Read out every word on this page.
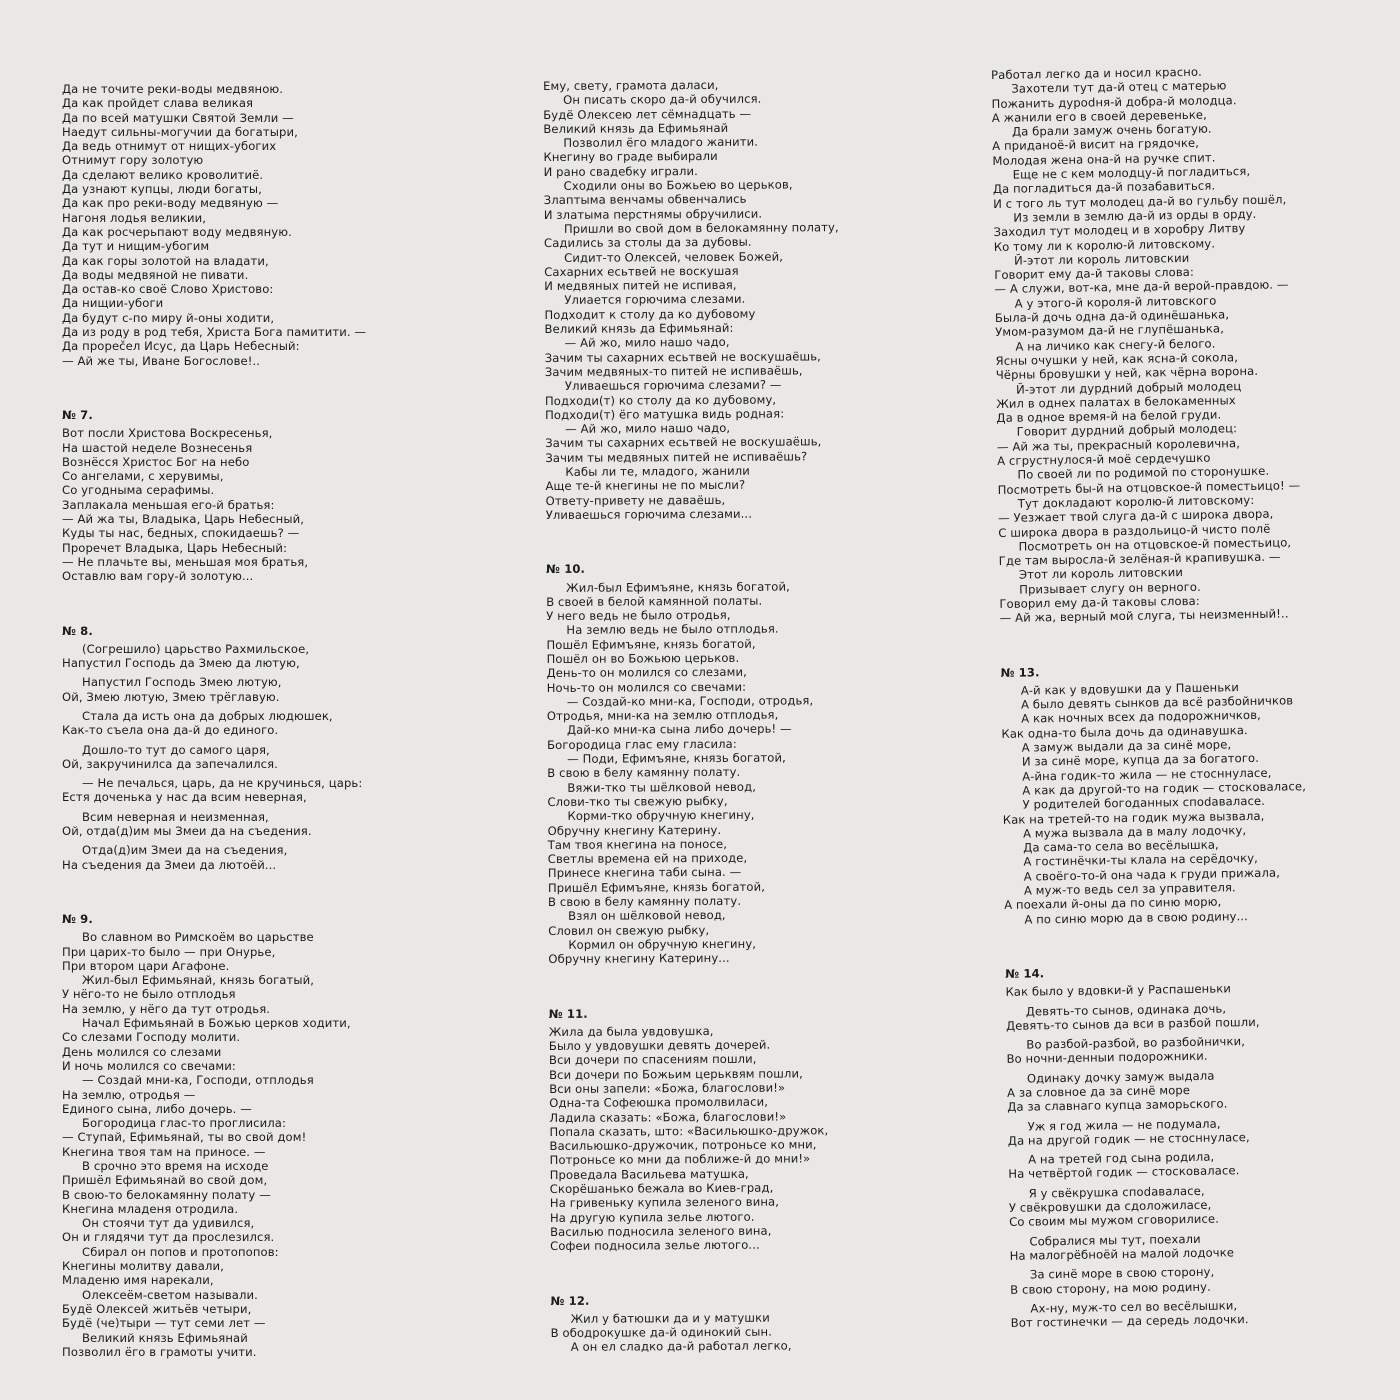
Да не точите реки-воды медвяною.
Да как пройдет слава великая
Да по всей матушки Святой Земли —
Наедут сильны-могучии да богатыри,
Да ведь отнимут от нищих-убогих
Отнимут гору золотую
Да сделают велико кроволитиё.
Да узнают купцы, люди богаты,
Да как про реки-воду медвяную —
Нагоня лодья великии,
Да как росчерьпают воду медвяную.
Да тут и нищим-убогим
Да как горы золотой на владати,
Да воды медвяной не пивати.
Да остав-ко своё Слово Христово:
Да нищии-убоги
Да будут с-по миру й-оны ходити,
Да из роду в род тебя, Христа Бога памитити. —
Да прореčел Исус, да Царь Небесный:
— Ай же ты, Иване Богослове!..
№ 7.
Вот посли Христова Воскресенья,
На шастой неделе Вознесенья
Вознёсся Христос Бог на небо
Со ангелами, с херувимы,
Со угодныма серафимы.
Заплакала меньшая его-й братья:
— Ай жа ты, Владыка, Царь Небесный,
Куды ты нас, бедных, спокидаешь? —
Проречет Владыка, Царь Небесный:
— Не плачьте вы, меньшая моя братья,
Оставлю вам гору-й золотую...
№ 8.
(Согрешило) царьство Рахмильское,
Напустил Господь да Змею да лютую,
Напустил Господь Змею лютую,
Ой, Змею лютую, Змею трёглавую.
Стала да исть она да добрых людюшек,
Как-то съела она да-й до единого.
Дошло-то тут до самого царя,
Ой, закручинилса да запечалился.
— Не печалься, царь, да не кручинься, царь:
Естя доченька у нас да всим неверная,
Всим неверная и неизменная,
Ой, отда(д)им мы Змеи да на съедения.
Отда(д)им Змеи да на съедения,
На съедения да Змеи да лютоёй...
№ 9.
Во славном во Римскоём во царьстве
При царих-то было — при Онурье,
При втором цари Агафоне.
Жил-был Ефимьянай, князь богатый,
У нёго-то не было отплодья
На землю, у нёго да тут отродья.
Начал Ефимьянай в Божью церков ходити,
Со слезами Господу молити.
День молился со слезами
И ночь молился со свечами:
— Создай мни-ка, Господи, отплодья
На землю, отродья —
Единого сына, либо дочерь. —
Богородица глас-то проглисила:
— Ступай, Ефимьянай, ты во свой дом!
Кнегина твоя там на приносе. —
В срочно это время на исходе
Пришёл Ефимьянай во свой дом,
В свою-то белокамянну полату —
Кнегина младеня отродила.
Он стоячи тут да удивился,
Он и глядячи тут да прослезился.
Сбирал он попов и протопопов:
Кнегины молитву давали,
Младеню имя нарекали,
Олексеём-светом называли.
Будё Олексей житьёв четыри,
Будё (че)тыри — тут семи лет —
Великий князь Ефимьянай
Позволил ёго в грамоты учити.
Ему, свету, грамота даласи,
Он писать скоро да-й обучился.
Будё Олексею лет сёмнадцать —
Великий князь да Ефимьянай
Позволил ёго младого жанити.
Кнегину во граде выбирали
И рано свадебку играли.
Сходили оны во Божьею во церьков,
Злаптыма венчамы обвенчались
И златыма перстнямы обручилиси.
Пришли во свой дом в белокамянну полату,
Садились за столы да за дубовы.
Сидит-то Олексей, человек Божей,
Сахарних есьтвей не воскушая
И медвяных питей не испивая,
Улиается горючима слезами.
Подходит к столу да ко дубовому
Великий князь да Ефимьянай:
— Ай жо, мило нашо чадо,
Зачим ты сахарних есьтвей не воскушаёшь,
Зачим медвяных-то питей не испиваёшь,
Уливаешься горючима слезами? —
Подходи(т) ко столу да ко дубовому,
Подходи(т) ёго матушка видь родная:
— Ай жо, мило нашо чадо,
Зачим ты сахарних есьтвей не воскушаёшь,
Зачим ты медвяных питей не испиваёшь?
Кабы ли те, младого, жанили
Аще те-й кнегины не по мысли?
Ответу-привету не даваёшь,
Уливаешься горючима слезами...
№ 10.
Жил-был Ефимъяне, князь богатой,
В своей в белой камянной полаты.
У него ведь не было отродья,
На землю ведь не было отплодья.
Пошёл Ефимъяне, князь богатой,
Пошёл он во Божьюю церьков.
День-то он молился со слезами,
Ночь-то он молился со свечами:
— Создай-ко мни-ка, Господи, отродья,
Отродья, мни-ка на землю отплодья,
Дай-ко мни-ка сына либо дочерь! —
Богородица глас ему гласила:
— Поди, Ефимъяне, князь богатой,
В свою в белу камянну полату.
Вяжи-тко ты шёлковой невод,
Слови-тко ты свежую рыбку,
Корми-тко обручную кнегину,
Обручну кнегину Катерину.
Там твоя кнегина на поносе,
Светлы времена ей на приходе,
Принесе кнегина таби сына. —
Пришёл Ефимъяне, князь богатой,
В свою в белу камянну полату.
Взял он шёлковой невод,
Словил он свежую рыбку,
Кормил он обручную кнегину,
Обручну кнегину Катерину...
№ 11.
Жила да была увдовушка,
Было у увдовушки девять дочерей.
Вси дочери по спасениям пошли,
Вси дочери по Божьим церьквям пошли,
Вси оны запели: «Божа, благослови!»
Одна-та Софеюшка промолвиласи,
Ладила сказать: «Божа, благослови!»
Попала сказать, што: «Васильюшко-дружок,
Васильюшко-дружочик, потроньсе ко мни,
Потроньсе ко мни да поближе-й до мни!»
Проведала Васильева матушка,
Скорёшанько бежала во Киев-град,
На гривеньку купила зеленого вина,
На другую купила зелье лютого.
Василью подносила зеленого вина,
Софеи подносила зелье лютого...
№ 12.
Жил у батюшки да и у матушки
В ободрокушке да-й одинокий сын.
А он ел сладко да-й работал легко,
Работал легко да и носил красно.
Захотели тут да-й отец с матерью
Пожанить дурodня-й добра-й молодца.
А жанили его в своей деревеньке,
Да брали замуж очень богатую.
А приданоё-й висит на грядочке,
Молодая жена она-й на ручке спит.
Еще не с кем молодцу-й погладиться,
Да погладиться да-й позабавиться.
И с того ль тут молодец да-й во гульбу пошёл,
Из земли в землю да-й из орды в орду.
Заходил тут молодец и в хоробру Литву
Ко тому ли к королю-й литовскому.
Й-этот ли король литовскии
Говорит ему да-й таковы слова:
— А служи, вот-ка, мне да-й верой-правдою. —
А у этого-й короля-й литовского
Была-й дочь одна да-й одинёшанька,
Умом-разумом да-й не глупёшанька,
А на личико как снегу-й белого.
Ясны очушки у ней, как ясна-й сокола,
Чёрны бровушки у ней, как чёрна ворона.
Й-этот ли дурдний добрый молодец
Жил в однех палатах в белокаменных
Да в одное время-й на белой груди.
Говорит дурдний добрый молодец:
— Ай жа ты, прекрасный королевична,
А сгрустнулося-й моё сердечушко
По своей ли по родимой по сторонушке.
Посмотреть бы-й на отцовское-й поместьицо! —
Тут докладают королю-й литовскому:
— Уезжает твой слуга да-й с широка двора,
С широка двора в раздольицо-й чисто полё
Посмотреть он на отцовское-й поместьицо,
Где там выросла-й зелёная-й крапивушка. —
Этот ли король литовскии
Призывает слугу он верного.
Говорил ему да-й таковы слова:
— Ай жа, верный мой слуга, ты неизменный!..
№ 13.
А-й как у вдовушки да у Пашеньки
А было девять сынков да всё разбойничков
А как ночных всех да подорожничков,
Как одна-то была дочь да одинавушка.
А замуж выдали да за синё море,
И за синё море, купца да за богатого.
А-йна годик-то жила — не стосннуласе,
А как да другой-то на годик — стосковаласе,
У родителей богоданных спodаваласе.
Как на третей-то на годик мужа вызвала,
А мужа вызвала да в малу лодочку,
Да сама-то села во весёлышка,
А гостинёчки-ты клала на серёдочку,
А своёго-то-й она чада к груди прижала,
А муж-то ведь сел за управителя.
А поехали й-оны да по синю морю,
А по синю морю да в свою родину...
№ 14.
Как было у вдовки-й у Распашеньки
Девять-то сынов, одинака дочь,
Девять-то сынов да вси в разбой пошли,
Во разбой-разбой, во разбойнички,
Во ночни-денныи подорожники.
Одинаку дочку замуж выдала
А за словное да за синё море
Да за славнаго купца заморьского.
Уж я год жила — не подумала,
Да на другой годик — не стосннуласе,
А на третей год сына родила,
На четвёртой годик — стосковаласе.
Я у свёкрушка спodаваласе,
У свёкровушки да сдоложиласе,
Со своим мы мужом сговорилисе.
Собралися мы тут, поехали
На малогрёбноёй на малой лодочке
За синё море в свою сторону,
В свою сторону, на мою родину.
Ах-ну, муж-то сел во весёлышки,
Вот гостинечки — да середь лодочки.
